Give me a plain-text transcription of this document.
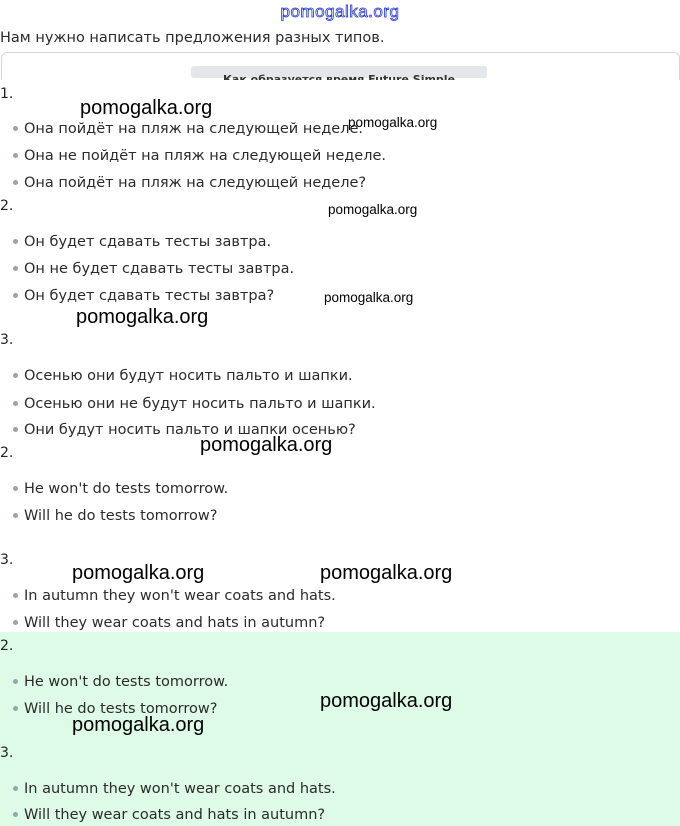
pomogalka.org
Нам нужно написать предложения разных типов.
1.
Она пойдёт на пляж на следующей неделе.
Она не пойдёт на пляж на следующей неделе.
Она пойдёт на пляж на следующей неделе?
2.
Он будет сдавать тесты завтра.
Он не будет сдавать тесты завтра.
Он будет сдавать тесты завтра?
3.
Осенью они будут носить пальто и шапки.
Осенью они не будут носить пальто и шапки.
Они будут носить пальто и шапки осенью?
2.
He won't do tests tomorrow.
Will he do tests tomorrow?
3.
In autumn they won't wear coats and hats.
Will they wear coats and hats in autumn?
2.
He won't do tests tomorrow.
Will he do tests tomorrow?
3.
In autumn they won't wear coats and hats.
Will they wear coats and hats in autumn?
pomogalka.org
pomogalka.org
pomogalka.org
pomogalka.org
pomogalka.org
pomogalka.org
pomogalka.org	pomogalka.org
pomogalka.org
pomogalka.org
